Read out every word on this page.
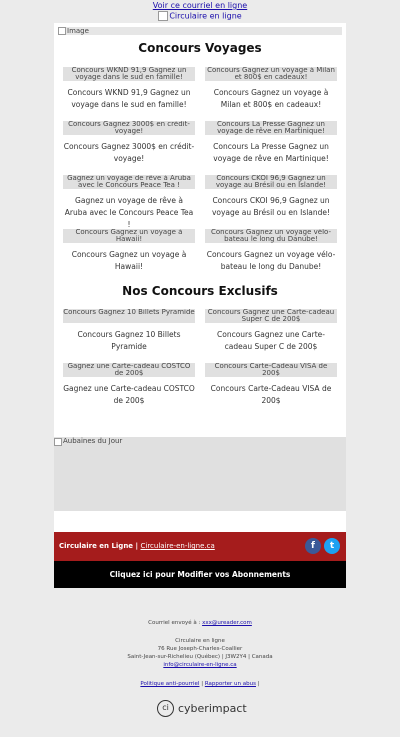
Voir ce courriel en ligne
Circulaire en ligne
Image
Concours Voyages
Concours WKND 91,9 Gagnez un voyage dans le sud en famille!
Concours WKND 91,9 Gagnez un voyage dans le sud en famille!
Concours Gagnez un voyage à Milan et 800$ en cadeaux!
Concours Gagnez un voyage à Milan et 800$ en cadeaux!
Concours Gagnez 3000$ en crédit-voyage!
Concours Gagnez 3000$ en crédit-voyage!
Concours La Presse Gagnez un voyage de rêve en Martinique!
Concours La Presse Gagnez un voyage de rêve en Martinique!
Gagnez un voyage de rêve à Aruba avec le Concours Peace Tea !
Gagnez un voyage de rêve à Aruba avec le Concours Peace Tea !
Concours CKOI 96,9 Gagnez un voyage au Brésil ou en Islande!
Concours CKOI 96,9 Gagnez un voyage au Brésil ou en Islande!
Concours Gagnez un voyage à Hawaii!
Concours Gagnez un voyage à Hawaii!
Concours Gagnez un voyage vélo-bateau le long du Danube!
Concours Gagnez un voyage vélo-bateau le long du Danube!
Nos Concours Exclusifs
Concours Gagnez 10 Billets Pyramide
Concours Gagnez 10 Billets Pyramide
Concours Gagnez une Carte-cadeau Super C de 200$
Concours Gagnez une Carte-cadeau Super C de 200$
Gagnez une Carte-cadeau COSTCO de 200$
Gagnez une Carte-cadeau COSTCO de 200$
Concours Carte-Cadeau VISA de 200$
Concours Carte-Cadeau VISA de 200$
Aubaines du Jour
Circulaire en Ligne | Circulaire-en-ligne.ca	f	t
Cliquez ici pour Modifier vos Abonnements
Courriel envoyé à : xxx@ureader.com
Circulaire en ligne
76 Rue Joseph-Charles-Coallier
Saint-Jean-sur-Richelieu (Québec) | J3W2Y4 | Canada
info@circulaire-en-ligne.ca
Politique anti-pourriel | Rapporter un abus |
ci cyberimpact
